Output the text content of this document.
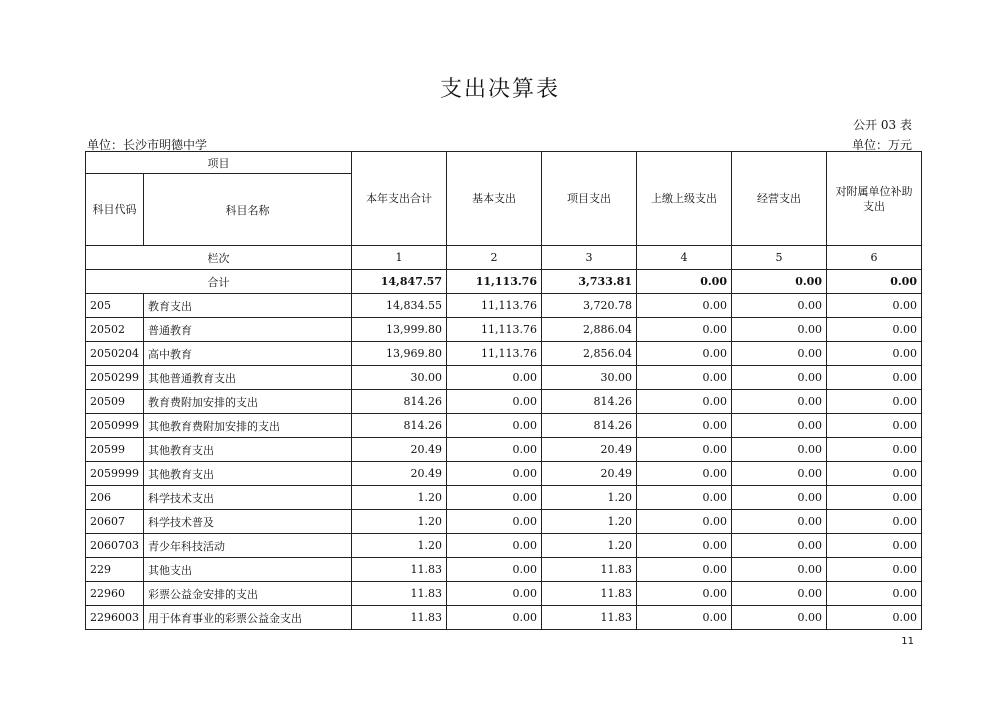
支出决算表
公开 03 表
单位：长沙市明德中学	单位：万元
项目		本年支出合计	基本支出	项目支出	上缴上级支出	经营支出	对附属单位补助支出
科目代码	科目名称						
栏次		1	2	3	4	5	6
合计		14,847.57	11,113.76	3,733.81	0.00	0.00	0.00
205	教育支出	14,834.55	11,113.76	3,720.78	0.00	0.00	0.00
20502	普通教育	13,999.80	11,113.76	2,886.04	0.00	0.00	0.00
2050204	高中教育	13,969.80	11,113.76	2,856.04	0.00	0.00	0.00
2050299	其他普通教育支出	30.00	0.00	30.00	0.00	0.00	0.00
20509	教育费附加安排的支出	814.26	0.00	814.26	0.00	0.00	0.00
2050999	其他教育费附加安排的支出	814.26	0.00	814.26	0.00	0.00	0.00
20599	其他教育支出	20.49	0.00	20.49	0.00	0.00	0.00
2059999	其他教育支出	20.49	0.00	20.49	0.00	0.00	0.00
206	科学技术支出	1.20	0.00	1.20	0.00	0.00	0.00
20607	科学技术普及	1.20	0.00	1.20	0.00	0.00	0.00
2060703	青少年科技活动	1.20	0.00	1.20	0.00	0.00	0.00
229	其他支出	11.83	0.00	11.83	0.00	0.00	0.00
22960	彩票公益金安排的支出	11.83	0.00	11.83	0.00	0.00	0.00
2296003	用于体育事业的彩票公益金支出	11.83	0.00	11.83	0.00	0.00	0.00
11
